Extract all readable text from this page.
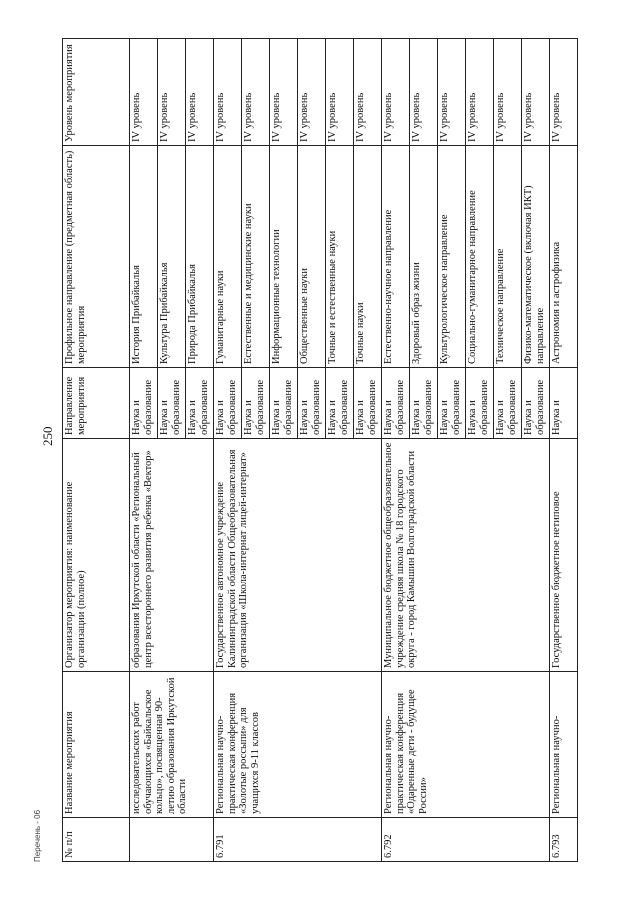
250
Перечень - 06 № п/п	Название мероприятия	Организатор мероприятия: наименование организации (полное)	Направление мероприятия	Профильное направление (предметная область) мероприятия	Уровень мероприятия
	исследовательских работ обучающихся «Байкальское кольцо», посвященная 90-летию образования Иркутской области	образования Иркутской области «Региональный центр всестороннего развития ребенка «Вектор»	Наука и образование	История Прибайкалья	IV уровень
			Наука и образование	Культура Прибайкалья	IV уровень
			Наука и образование	Природа Прибайкалья	IV уровень
6.791	Региональная научно-практическая конференция «Золотые россыпи» для учащихся 9-11 классов	Государственное автономное учреждение Калининградской области Общеобразовательная организация «Школа-интернат лицей-интернат»	Наука и образование	Гуманитарные науки	IV уровень
			Наука и образование	Естественные и медицинские науки	IV уровень
			Наука и образование	Информационные технологии	IV уровень
			Наука и образование	Общественные науки	IV уровень
			Наука и образование	Точные и естественные науки	IV уровень
			Наука и образование	Точные науки	IV уровень
6.792	Региональная научно-практическая конференция «Одаренные дети - будущее России»	Муниципальное бюджетное общеобразовательное учреждение средняя школа № 18 городского округа - город Камышин Волгоградской области	Наука и образование	Естественно-научное направление	IV уровень
			Наука и образование	Здоровый образ жизни	IV уровень
			Наука и образование	Культурологическое направление	IV уровень
			Наука и образование	Социально-гуманитарное направление	IV уровень
			Наука и образование	Техническое направление	IV уровень
			Наука и образование	Физико-математическое (включая ИКТ) направление	IV уровень
6.793	Региональная научно-	Государственное бюджетное нетиповое	Наука и	Астрономия и астрофизика	IV уровень
